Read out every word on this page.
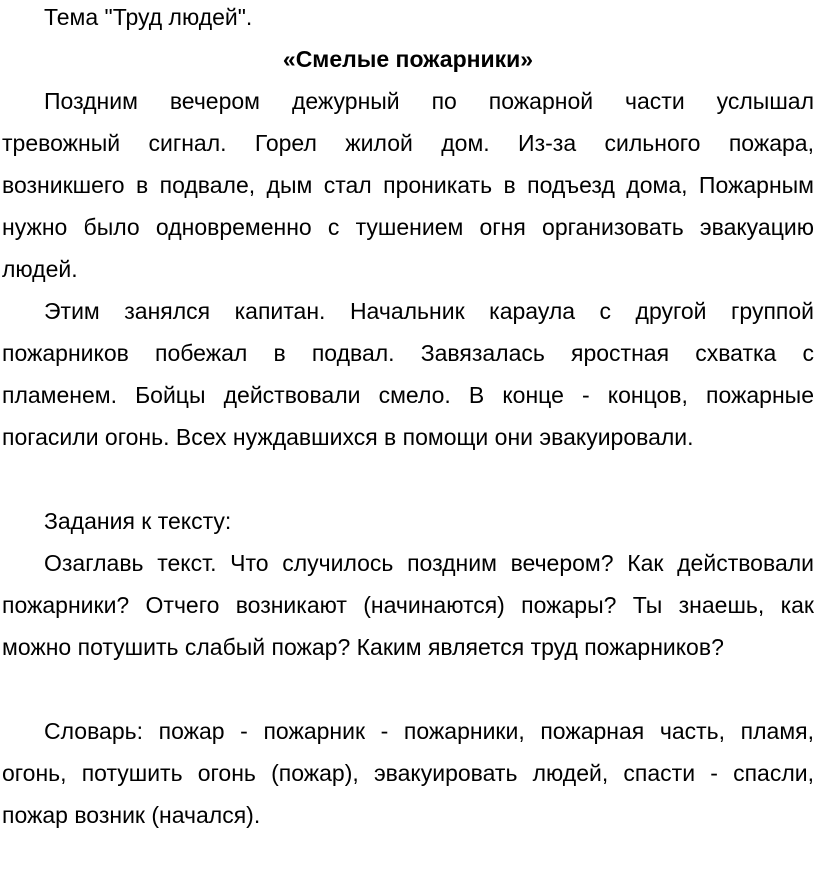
Тема "Труд людей".
«Смелые пожарники»
Поздним вечером дежурный по пожарной части услышал
тревожный сигнал. Горел жилой дом. Из-за сильного пожара,
возникшего в подвале, дым стал проникать в подъезд дома, Пожарным
нужно было одновременно с тушением огня организовать эвакуацию
людей.
Этим занялся капитан. Начальник караула с другой группой
пожарников побежал в подвал. Завязалась яростная схватка с
пламенем. Бойцы действовали смело. В конце - концов, пожарные
погасили огонь. Всех нуждавшихся в помощи они эвакуировали.
Задания к тексту:
Озаглавь текст. Что случилось поздним вечером? Как действовали
пожарники? Отчего возникают (начинаются) пожары? Ты знаешь, как
можно потушить слабый пожар? Каким является труд пожарников?
Словарь: пожар - пожарник - пожарники, пожарная часть, пламя,
огонь, потушить огонь (пожар), эвакуировать людей, спасти - спасли,
пожар возник (начался).
